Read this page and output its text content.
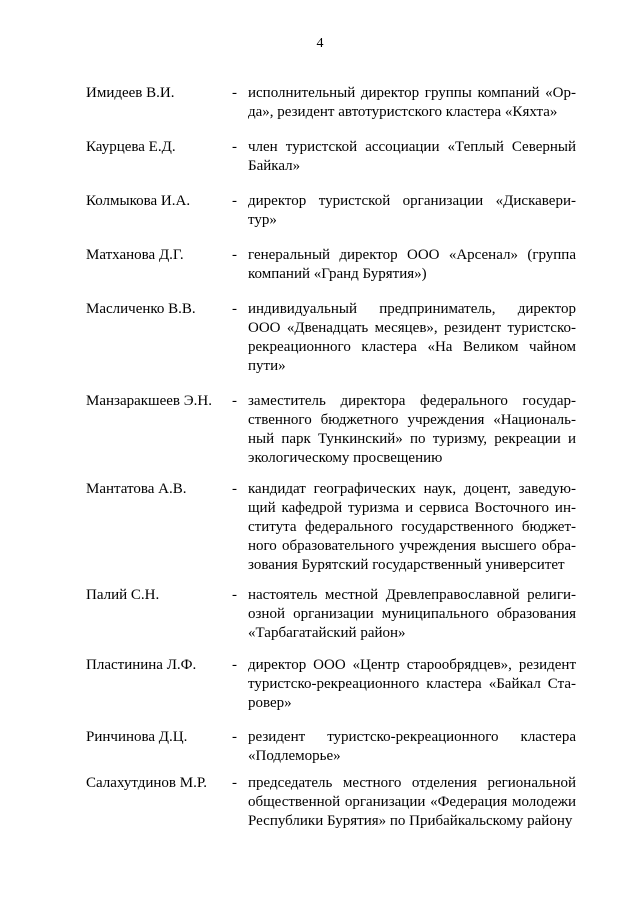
4
Имидеев В.И.	- исполнительный директор группы компаний «Ор-
да», резидент автотуристского кластера «Кяхта»
Каурцева Е.Д.	- член туристской ассоциации «Теплый Северный
Байкал»
Колмыкова И.А.	- директор туристской организации «Дискавери-
тур»
Матханова Д.Г.	- генеральный директор ООО «Арсенал» (группа
компаний «Гранд Бурятия»)
Масличенко В.В. - индивидуальный предприниматель, директор
ООО «Двенадцать месяцев», резидент туристско-
рекреационного кластера «На Великом чайном
пути»
Манзаракшеев Э.Н. - заместитель директора федерального государ-
ственного бюджетного учреждения «Националь-
ный парк Тункинский» по туризму, рекреации и
экологическому просвещению
Мантатова А.В.	- кандидат географических наук, доцент, заведую-
щий кафедрой туризма и сервиса Восточного ин-
ститута федерального государственного бюджет-
ного образовательного учреждения высшего обра-
зования Бурятский государственный университет
Палий С.Н.	- настоятель местной Древлеправославной религи-
озной организации муниципального образования
«Тарбагатайский район»
Пластинина Л.Ф. - директор ООО «Центр старообрядцев», резидент
туристско-рекреационного кластера «Байкал Ста-
ровер»
Ринчинова Д.Ц.	- резидент туристско-рекреационного кластера
«Подлеморье»
Салахутдинов М.Р. - председатель местного отделения региональной
общественной организации «Федерация молодежи
Республики Бурятия» по Прибайкальскому району
